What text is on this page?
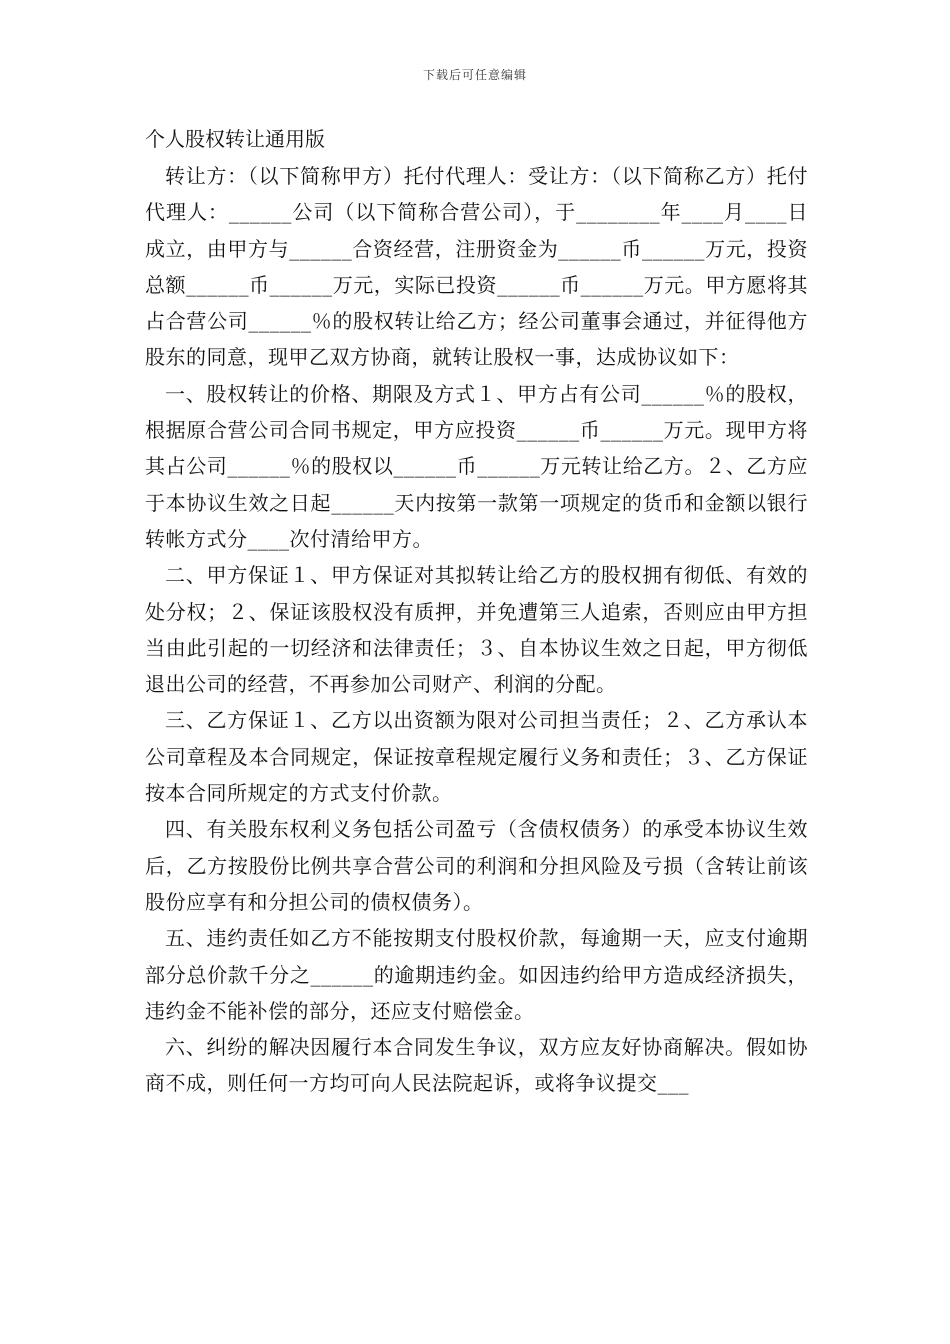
下载后可任意编辑
个人股权转让通用版

转让方：（以下简称甲方）托付代理人：受让方：（以下简称乙方）托付代理人：______公司（以下简称合营公司），于________年____月____日成立，由甲方与______合资经营，注册资金为______币______万元，投资总额______币______万元，实际已投资______币______万元。甲方愿将其占合营公司______％的股权转让给乙方；经公司董事会通过，并征得他方股东的同意，现甲乙双方协商，就转让股权一事，达成协议如下：

一、股权转让的价格、期限及方式１、甲方占有公司______％的股权，根据原合营公司合同书规定，甲方应投资______币______万元。现甲方将其占公司______％的股权以______币______万元转让给乙方。２、乙方应于本协议生效之日起______天内按第一款第一项规定的货币和金额以银行转帐方式分____次付清给甲方。

二、甲方保证１、甲方保证对其拟转让给乙方的股权拥有彻低、有效的处分权；２、保证该股权没有质押，并免遭第三人追索，否则应由甲方担当由此引起的一切经济和法律责任；３、自本协议生效之日起，甲方彻低退出公司的经营，不再参加公司财产、利润的分配。

三、乙方保证１、乙方以出资额为限对公司担当责任；２、乙方承认本公司章程及本合同规定，保证按章程规定履行义务和责任；３、乙方保证按本合同所规定的方式支付价款。

四、有关股东权利义务包括公司盈亏（含债权债务）的承受本协议生效后，乙方按股份比例共享合营公司的利润和分担风险及亏损（含转让前该股份应享有和分担公司的债权债务）。

五、违约责任如乙方不能按期支付股权价款，每逾期一天，应支付逾期部分总价款千分之______的逾期违约金。如因违约给甲方造成经济损失，违约金不能补偿的部分，还应支付赔偿金。

六、纠纷的解决因履行本合同发生争议，双方应友好协商解决。假如协商不成，则任何一方均可向人民法院起诉，或将争议提交___
